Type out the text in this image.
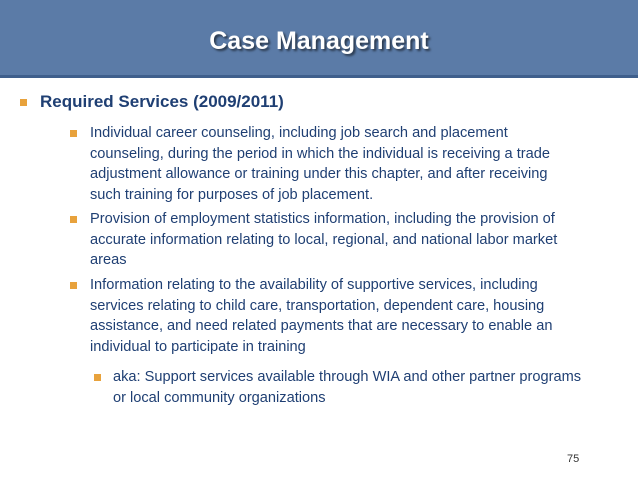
Case Management
Required Services (2009/2011)
Individual career counseling, including job search and placement counseling, during the period in which the individual is receiving a trade adjustment allowance or training under this chapter, and after receiving such training for purposes of job placement.
Provision of employment statistics information, including the provision of accurate information relating to local, regional, and national labor market areas
Information relating to the availability of supportive services, including services relating to child care, transportation, dependent care, housing assistance, and need related payments that are necessary to enable an individual to participate in training
aka: Support services available through WIA and other partner programs or local community organizations
75
